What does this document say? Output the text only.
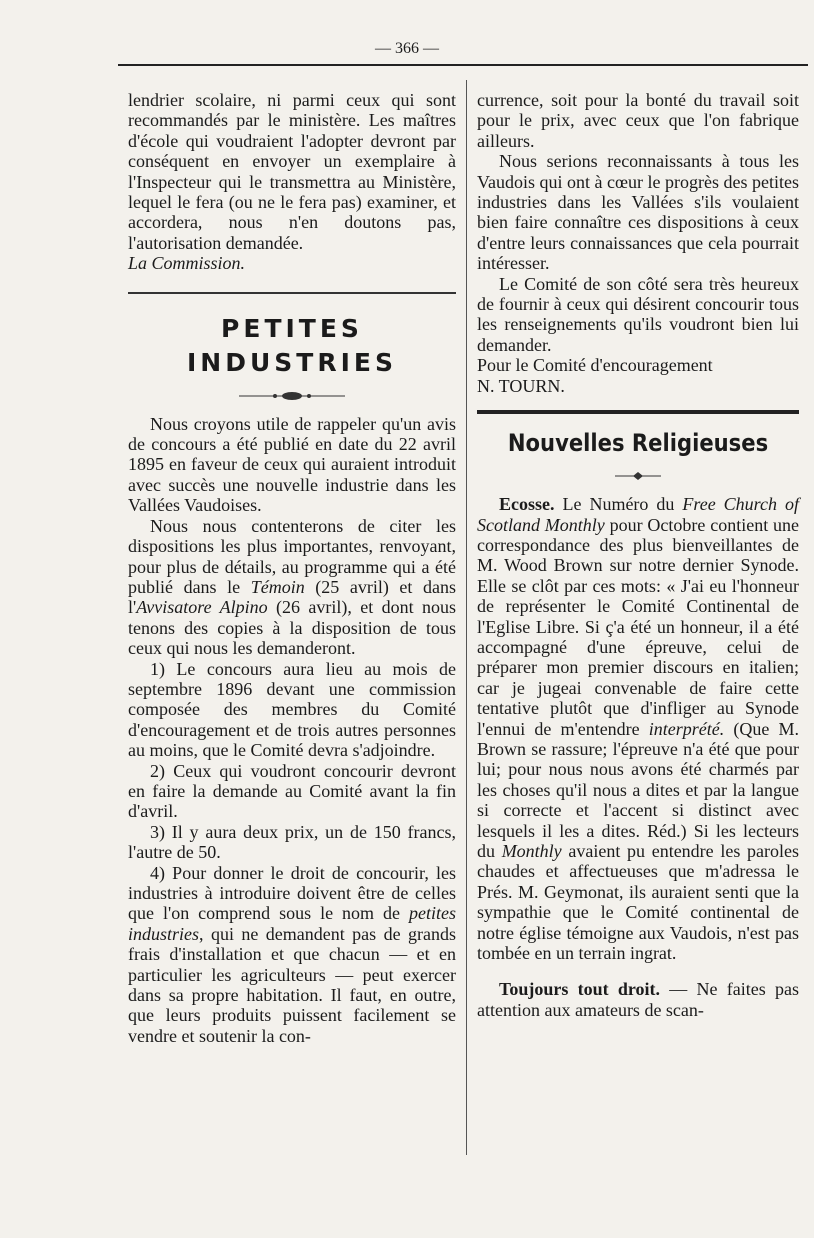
— 366 —

lendrier scolaire, ni parmi ceux qui sont recommandés par le ministère. Les maîtres d'école qui voudraient l'adopter devront par conséquent en envoyer un exemplaire à l'Inspecteur qui le transmettra au Ministère, lequel le fera (ou ne le fera pas) examiner, et accordera, nous n'en doutons pas, l'autorisation demandée.

La Commission.

PETITES INDUSTRIES

Nous croyons utile de rappeler qu'un avis de concours a été publié en date du 22 avril 1895 en faveur de ceux qui auraient introduit avec succès une nouvelle industrie dans les Vallées Vaudoises.

Nous nous contenterons de citer les dispositions les plus importantes, renvoyant, pour plus de détails, au programme qui a été publié dans le Témoin (25 avril) et dans l'Avvisatore Alpino (26 avril), et dont nous tenons des copies à la disposition de tous ceux qui nous les demanderont.

1) Le concours aura lieu au mois de septembre 1896 devant une commission composée des membres du Comité d'encouragement et de trois autres personnes au moins, que le Comité devra s'adjoindre.

2) Ceux qui voudront concourir devront en faire la demande au Comité avant la fin d'avril.

3) Il y aura deux prix, un de 150 francs, l'autre de 50.

4) Pour donner le droit de concourir, les industries à introduire doivent être de celles que l'on comprend sous le nom de petites industries, qui ne demandent pas de grands frais d'installation et que chacun — et en particulier les agriculteurs — peut exercer dans sa propre habitation. Il faut, en outre, que leurs produits puissent facilement se vendre et soutenir la con-

currence, soit pour la bonté du travail soit pour le prix, avec ceux que l'on fabrique ailleurs.

Nous serions reconnaissants à tous les Vaudois qui ont à cœur le progrès des petites industries dans les Vallées s'ils voulaient bien faire connaître ces dispositions à ceux d'entre leurs connaissances que cela pourrait intéresser.

Le Comité de son côté sera très heureux de fournir à ceux qui désirent concourir tous les renseignements qu'ils voudront bien lui demander.

Pour le Comité d'encouragement

N. TOURN.

Nouvelles Religieuses

Ecosse. Le Numéro du Free Church of Scotland Monthly pour Octobre contient une correspondance des plus bienveillantes de M. Wood Brown sur notre dernier Synode. Elle se clôt par ces mots: « J'ai eu l'honneur de représenter le Comité Continental de l'Eglise Libre. Si ç'a été un honneur, il a été accompagné d'une épreuve, celui de préparer mon premier discours en italien; car je jugeai convenable de faire cette tentative plutôt que d'infliger au Synode l'ennui de m'entendre interprété. (Que M. Brown se rassure; l'épreuve n'a été que pour lui; pour nous nous avons été charmés par les choses qu'il nous a dites et par la langue si correcte et l'accent si distinct avec lesquels il les a dites. Réd.) Si les lecteurs du Monthly avaient pu entendre les paroles chaudes et affectueuses que m'adressa le Prés. M. Geymonat, ils auraient senti que la sympathie que le Comité continental de notre église témoigne aux Vaudois, n'est pas tombée en un terrain ingrat.

Toujours tout droit. — Ne faites pas attention aux amateurs de scan-
